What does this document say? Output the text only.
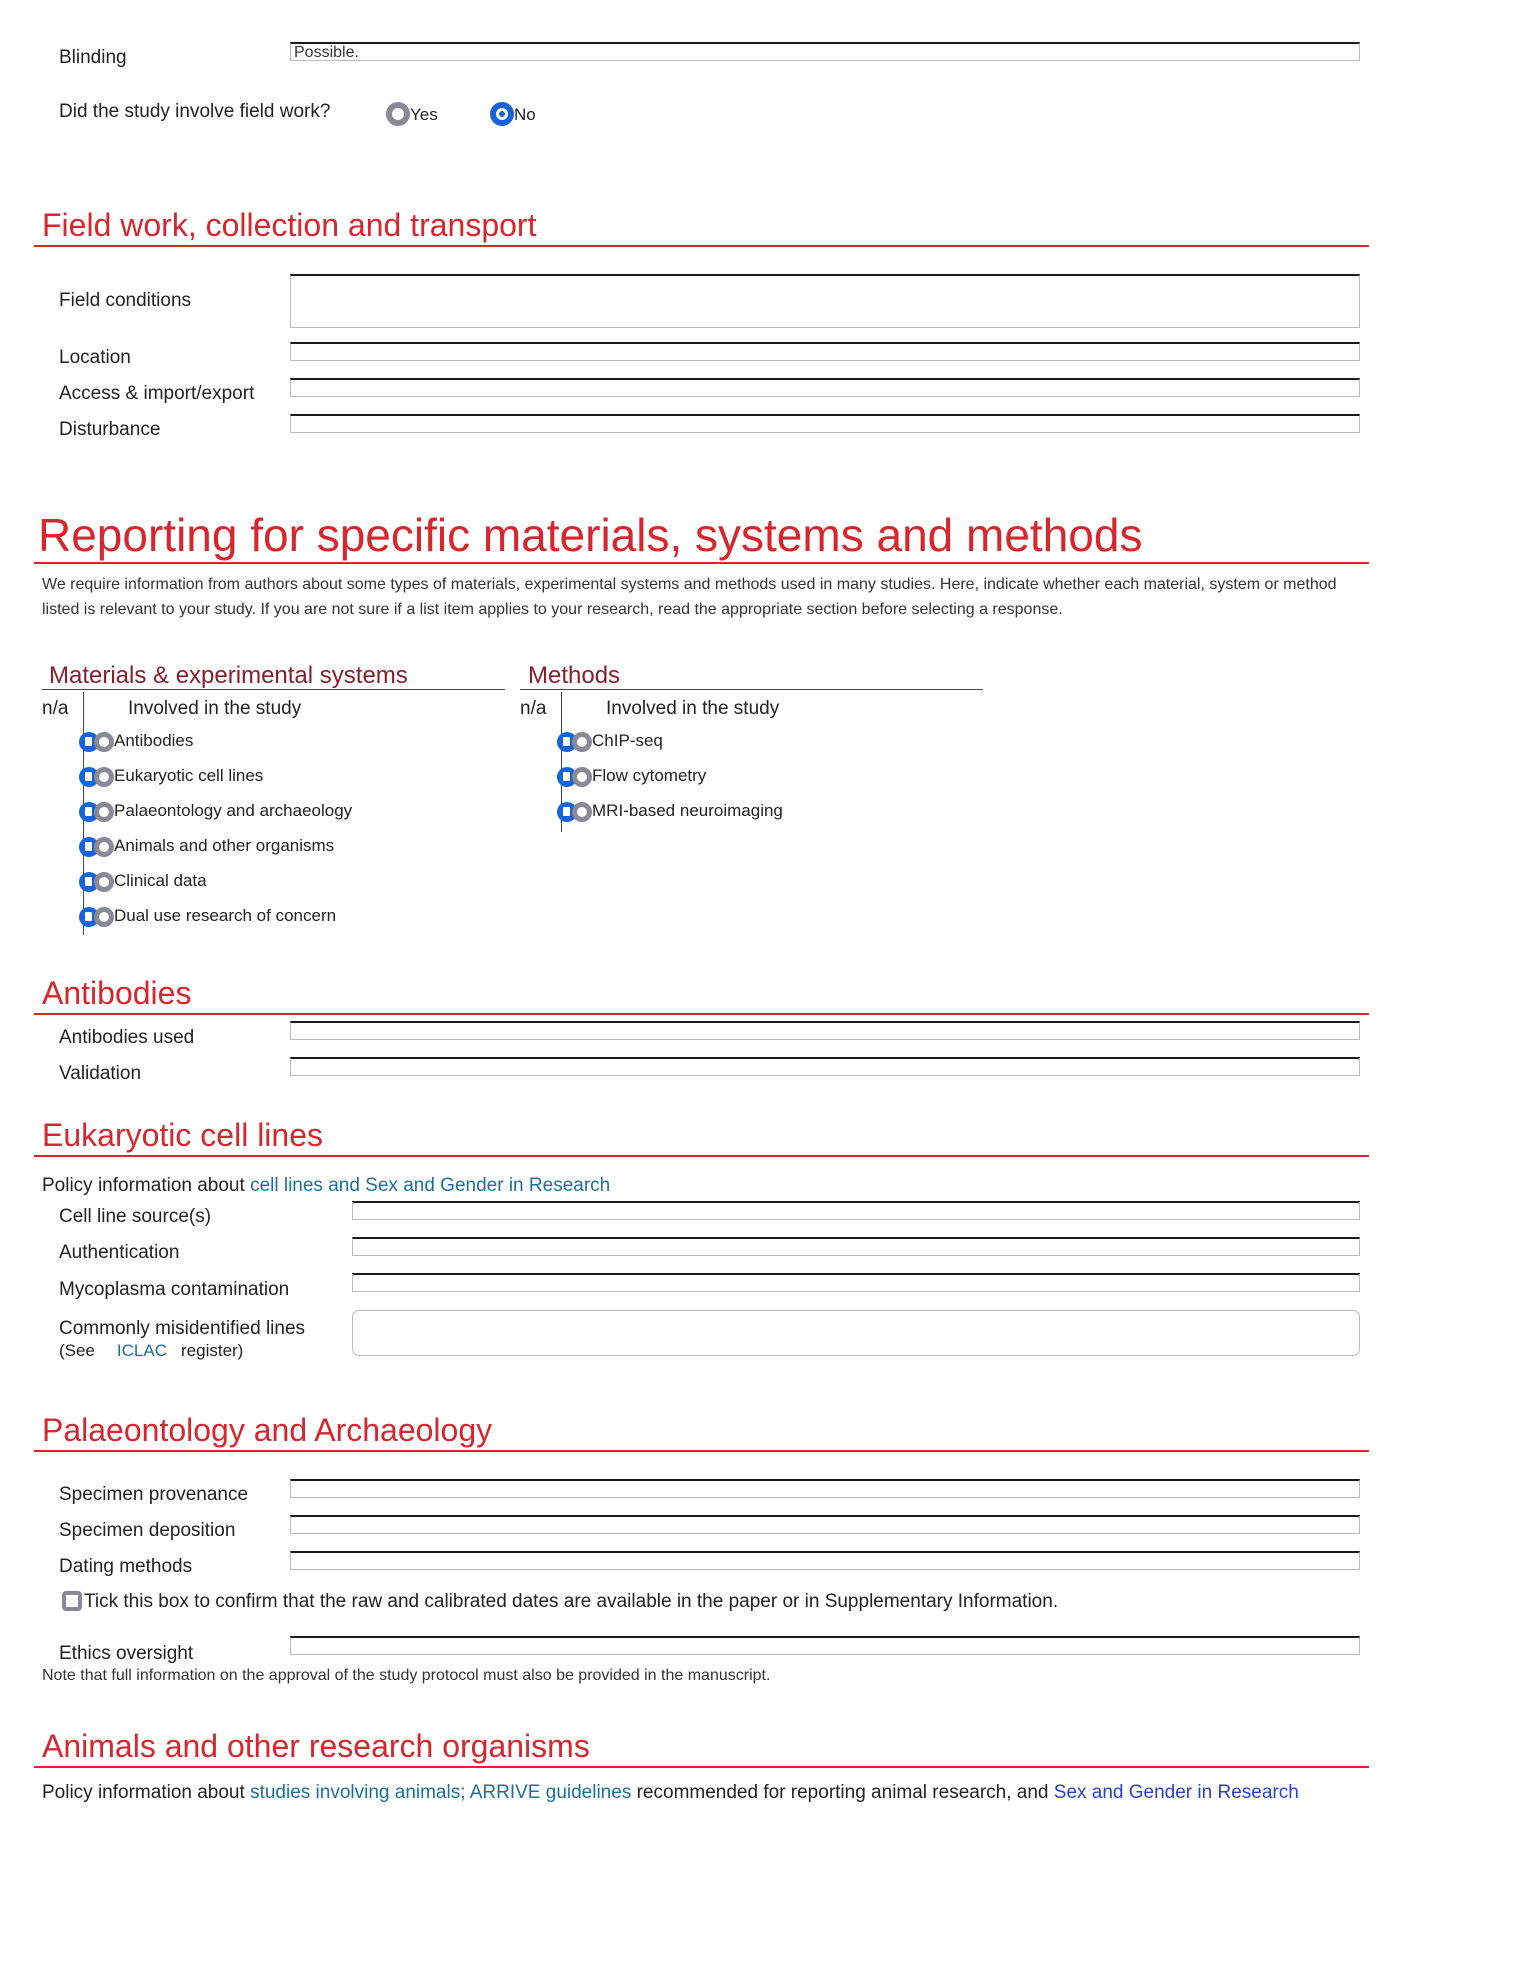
Blinding	Possible.
Did the study involve field work?	Yes	No
Field work, collection and transport
Field conditions
Location
Access & import/export
Disturbance
Reporting for specific materials, systems and methods
We require information from authors about some types of materials, experimental systems and methods used in many studies. Here, indicate whether each material, system or method listed is relevant to your study. If you are not sure if a list item applies to your research, read the appropriate section before selecting a response.
Materials & experimental systems
n/a	Involved in the study
Antibodies
Eukaryotic cell lines
Palaeontology and archaeology
Animals and other organisms
Clinical data
Dual use research of concern
Methods
n/a	Involved in the study
ChIP-seq
Flow cytometry
MRI-based neuroimaging
Antibodies
Antibodies used
Validation
Eukaryotic cell lines
Policy information about cell lines and Sex and Gender in Research
Cell line source(s)
Authentication
Mycoplasma contamination
Commonly misidentified lines
(See ICLAC register)
Palaeontology and Archaeology
Specimen provenance
Specimen deposition
Dating methods
Tick this box to confirm that the raw and calibrated dates are available in the paper or in Supplementary Information.
Ethics oversight
Note that full information on the approval of the study protocol must also be provided in the manuscript.
Animals and other research organisms
Policy information about studies involving animals; ARRIVE guidelines recommended for reporting animal research, and Sex and Gender in Research
